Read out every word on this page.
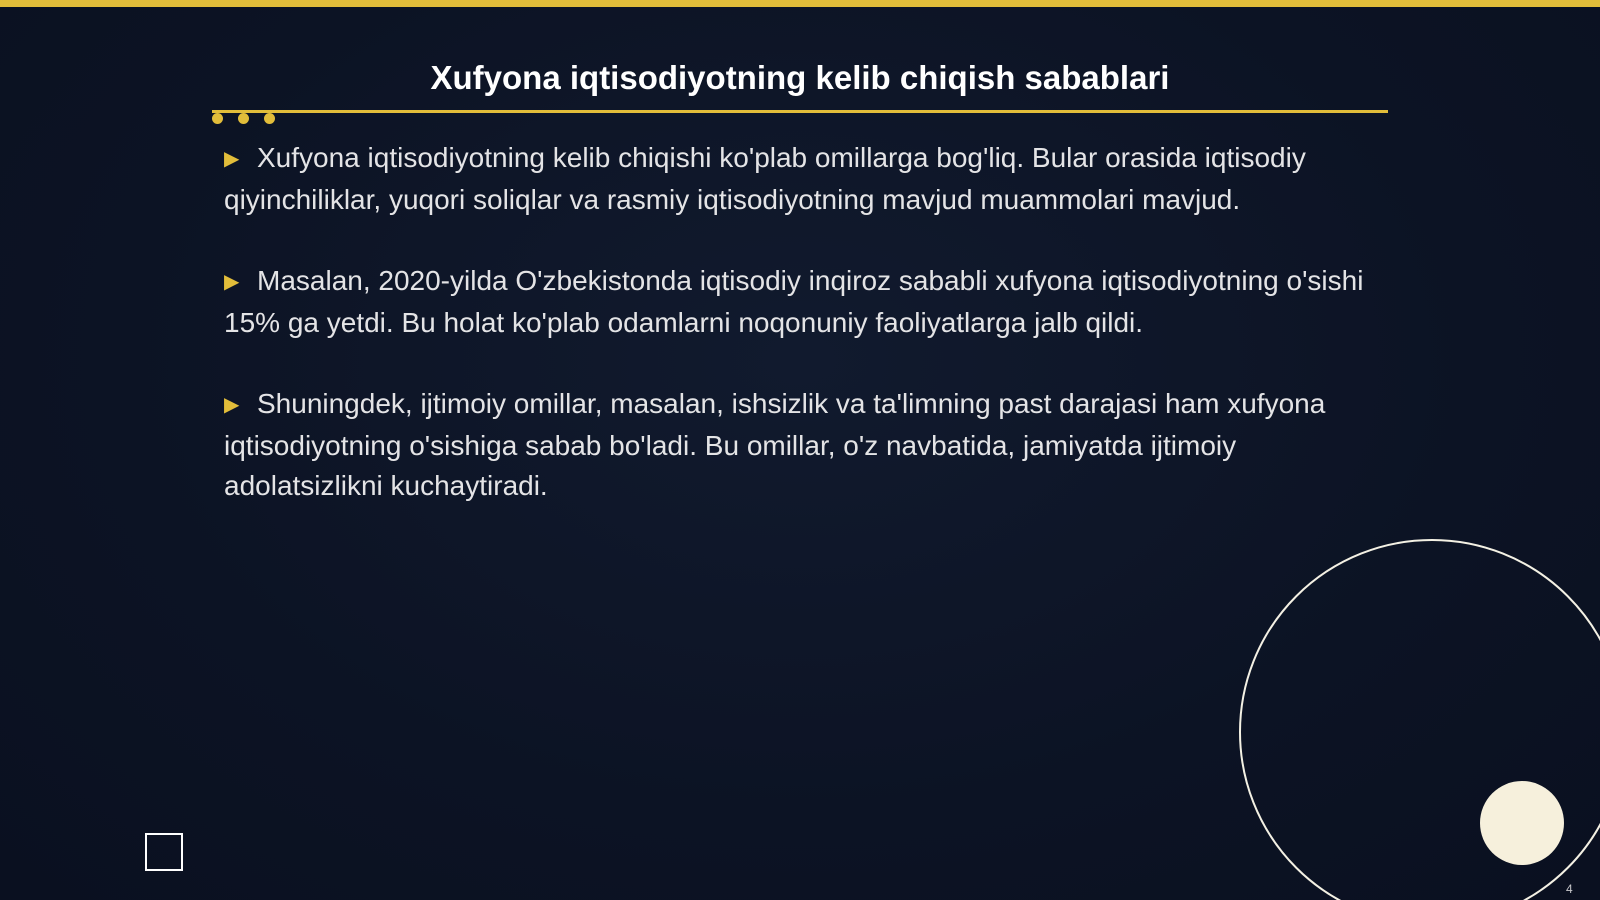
Xufyona iqtisodiyotning kelib chiqish sabablari

▶ Xufyona iqtisodiyotning kelib chiqishi ko'plab omillarga bog'liq. Bular orasida iqtisodiy qiyinchiliklar, yuqori soliqlar va rasmiy iqtisodiyotning mavjud muammolari mavjud.

▶ Masalan, 2020-yilda O'zbekistonda iqtisodiy inqiroz sababli xufyona iqtisodiyotning o'sishi 15% ga yetdi. Bu holat ko'plab odamlarni noqonuniy faoliyatlarga jalb qildi.

▶ Shuningdek, ijtimoiy omillar, masalan, ishsizlik va ta'limning past darajasi ham xufyona iqtisodiyotning o'sishiga sabab bo'ladi. Bu omillar, o'z navbatida, jamiyatda ijtimoiy adolatsizlikni kuchaytiradi.

4
